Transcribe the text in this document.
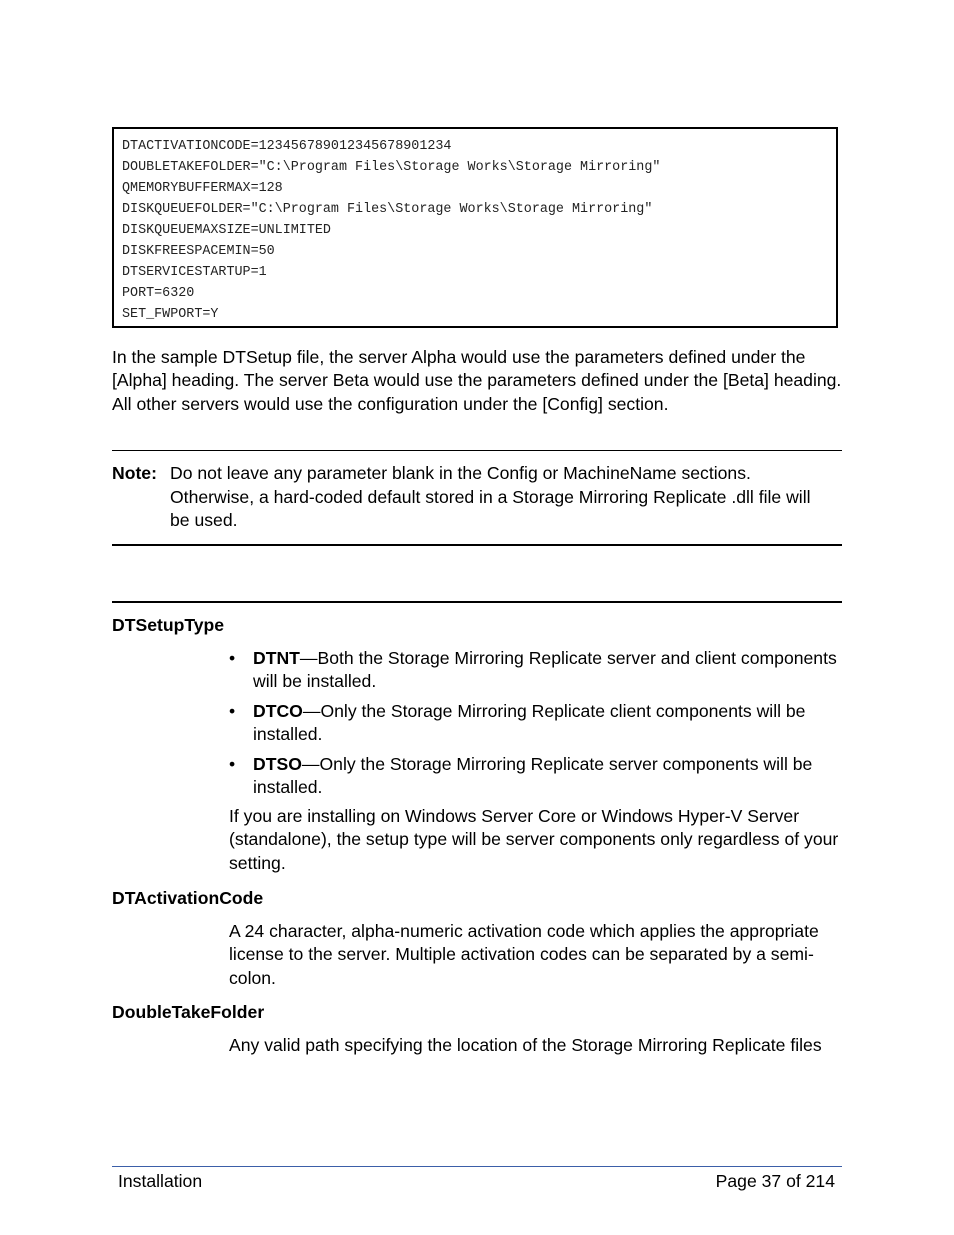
DTACTIVATIONCODE=123456789012345678901234
DOUBLETAKEFOLDER="C:\Program Files\Storage Works\Storage Mirroring"
QMEMORYBUFFERMAX=128
DISKQUEUEFOLDER="C:\Program Files\Storage Works\Storage Mirroring"
DISKQUEUEMAXSIZE=UNLIMITED
DISKFREESPACEMIN=50
DTSERVICESTARTUP=1
PORT=6320
SET_FWPORT=Y
In the sample DTSetup file, the server Alpha would use the parameters defined under the [Alpha] heading. The server Beta would use the parameters defined under the [Beta] heading. All other servers would use the configuration under the [Config] section.
Note: Do not leave any parameter blank in the Config or MachineName sections. Otherwise, a hard-coded default stored in a Storage Mirroring Replicate .dll file will be used.
DTSetupType
• DTNT—Both the Storage Mirroring Replicate server and client components will be installed.
• DTCO—Only the Storage Mirroring Replicate client components will be installed.
• DTSO—Only the Storage Mirroring Replicate server components will be installed.
If you are installing on Windows Server Core or Windows Hyper-V Server (standalone), the setup type will be server components only regardless of your setting.
DTActivationCode
A 24 character, alpha-numeric activation code which applies the appropriate license to the server. Multiple activation codes can be separated by a semi-colon.
DoubleTakeFolder
Any valid path specifying the location of the Storage Mirroring Replicate files
Installation	Page 37 of 214
